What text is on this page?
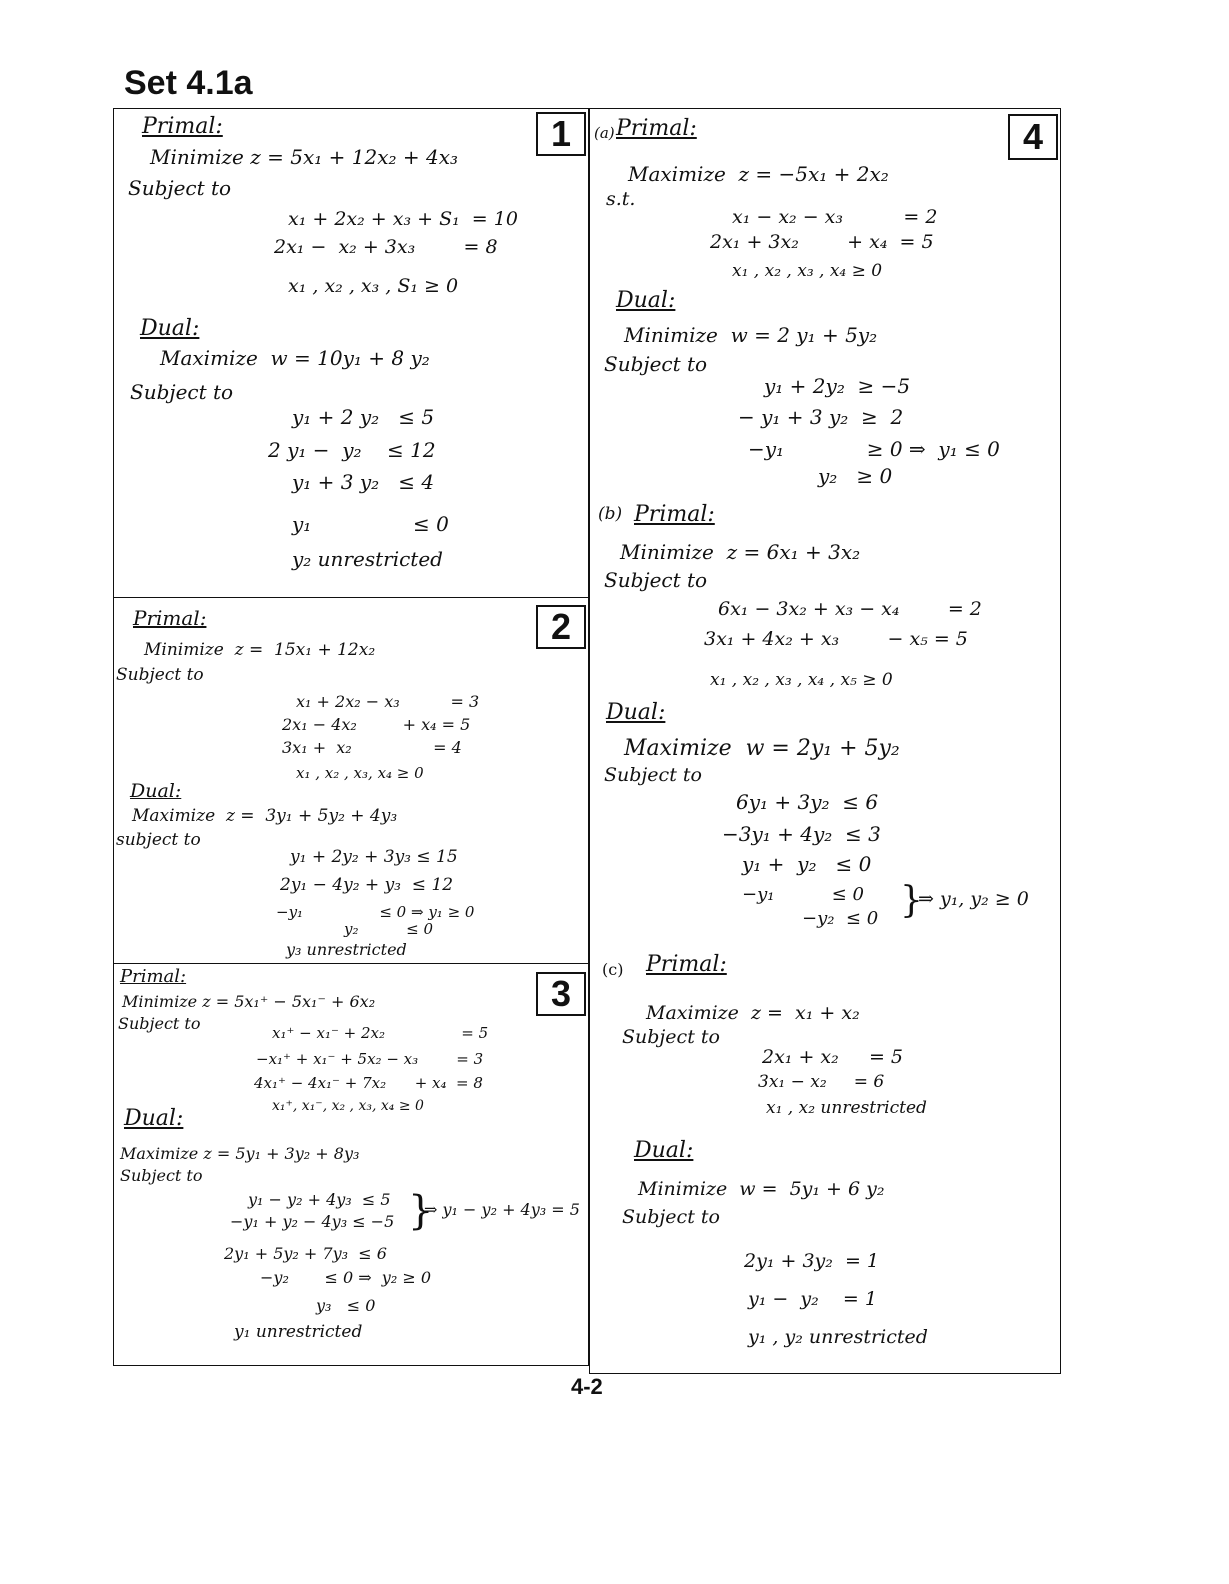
Set 4.1a
1
2
3
4
Primal:
Minimize z = 5x₁ + 12x₂ + 4x₃
Subject to
x₁ + 2x₂ + x₃ + S₁  = 10
2x₁ −  x₂ + 3x₃        = 8
x₁ , x₂ , x₃ , S₁ ≥ 0
Dual:
Maximize  w = 10y₁ + 8 y₂
Subject to
y₁ + 2 y₂   ≤ 5
2 y₁ −  y₂    ≤ 12
y₁ + 3 y₂   ≤ 4
y₁                ≤ 0
y₂ unrestricted
Primal:
Minimize  z =  15x₁ + 12x₂
Subject to
x₁ + 2x₂ − x₃          = 3
2x₁ − 4x₂         + x₄ = 5
3x₁ +  x₂                = 4
x₁ , x₂ , x₃, x₄ ≥ 0
Dual:
Maximize  z =  3y₁ + 5y₂ + 4y₃
subject to
y₁ + 2y₂ + 3y₃ ≤ 15
2y₁ − 4y₂ + y₃  ≤ 12
−y₁                ≤ 0 ⇒ y₁ ≥ 0
y₂          ≤ 0
y₃ unrestricted
Primal:
Minimize z = 5x₁⁺ − 5x₁⁻ + 6x₂
Subject to	x₁⁺ − x₁⁻ + 2x₂                = 5
−x₁⁺ + x₁⁻ + 5x₂ − x₃        = 3
4x₁⁺ − 4x₁⁻ + 7x₂      + x₄  = 8
x₁⁺, x₁⁻, x₂ , x₃, x₄ ≥ 0
Dual:
Maximize z = 5y₁ + 3y₂ + 8y₃
Subject to
y₁ − y₂ + 4y₃  ≤ 5
−y₁ + y₂ − 4y₃ ≤ −5 }
⇒ y₁ − y₂ + 4y₃ = 5
2y₁ + 5y₂ + 7y₃  ≤ 6
−y₂       ≤ 0 ⇒  y₂ ≥ 0
y₃   ≤ 0
y₁ unrestricted
(a) Primal:
Maximize  z = −5x₁ + 2x₂
s.t.
x₁ − x₂ − x₃          = 2
2x₁ + 3x₂        + x₄  = 5
x₁ , x₂ , x₃ , x₄ ≥ 0
Dual:
Minimize  w = 2 y₁ + 5y₂
Subject to
y₁ + 2y₂  ≥ −5
− y₁ + 3 y₂  ≥  2
−y₁             ≥ 0 ⇒  y₁ ≤ 0
y₂   ≥ 0
(b) Primal:
Minimize  z = 6x₁ + 3x₂
Subject to
6x₁ − 3x₂ + x₃ − x₄        = 2
3x₁ + 4x₂ + x₃        − x₅ = 5
x₁ , x₂ , x₃ , x₄ , x₅ ≥ 0
Dual:
Maximize  w = 2y₁ + 5y₂
Subject to
6y₁ + 3y₂  ≤ 6
−3y₁ + 4y₂  ≤ 3
y₁ +  y₂   ≤ 0
−y₁          ≤ 0
−y₂  ≤ 0 }
⇒ y₁, y₂ ≥ 0
(c) Primal:
Maximize  z =  x₁ + x₂
Subject to
2x₁ + x₂     = 5
3x₁ − x₂     = 6
x₁ , x₂ unrestricted
Dual:
Minimize  w =  5y₁ + 6 y₂
Subject to
2y₁ + 3y₂  = 1
y₁ −  y₂    = 1
y₁ , y₂ unrestricted
4-2
